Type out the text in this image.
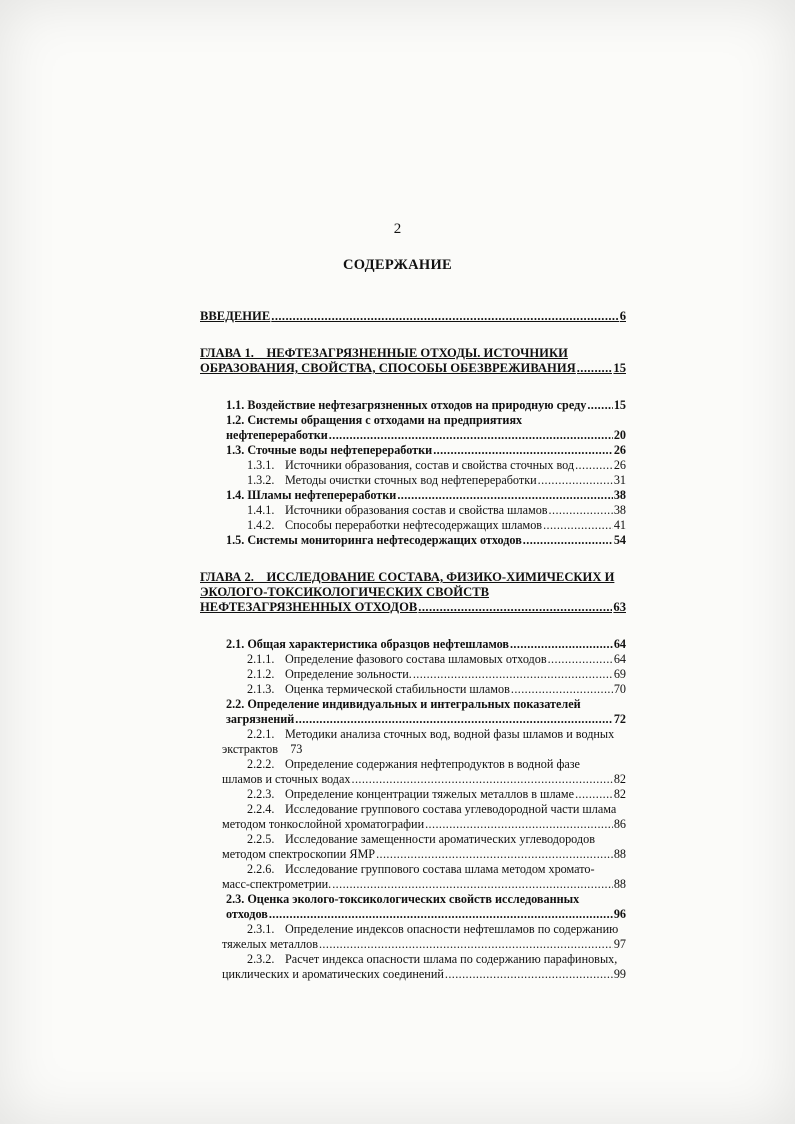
2
СОДЕРЖАНИЕ
ВВЕДЕНИЕ .....	6
ГЛАВА 1.    НЕФТЕЗАГРЯЗНЕННЫЕ ОТХОДЫ. ИСТОЧНИКИ
ОБРАЗОВАНИЯ, СВОЙСТВА, СПОСОБЫ ОБЕЗВРЕЖИВАНИЯ .....	15
1.1. Воздействие нефтезагрязненных отходов на природную среду ..... 15
1.2. Системы обращения с отходами на предприятиях
нефтепереработки .....	20
1.3. Сточные воды нефтепереработки .....	26
1.3.1. Источники образования, состав и свойства сточных вод .....	26
1.3.2. Методы очистки сточных вод нефтепереработки .....	31
1.4. Шламы нефтепереработки .....	38
1.4.1. Источники образования состав и свойства шламов .....	38
1.4.2. Способы переработки нефтесодержащих шламов .....	41
1.5. Системы мониторинга нефтесодержащих отходов .....	54
ГЛАВА 2.    ИССЛЕДОВАНИЕ СОСТАВА, ФИЗИКО-ХИМИЧЕСКИХ И
ЭКОЛОГО-ТОКСИКОЛОГИЧЕСКИХ СВОЙСТВ
НЕФТЕЗАГРЯЗНЕННЫХ ОТХОДОВ .....	63
2.1. Общая характеристика образцов нефтешламов .....	64
2.1.1. Определение фазового состава шламовых отходов .....	64
2.1.2. Определение зольности. .....	69
2.1.3. Оценка термической стабильности шламов .....	70
2.2. Определение индивидуальных и интегральных показателей
загрязнений .....	72
2.2.1. Методики анализа сточных вод, водной фазы шламов и водных
экстрактов    73
2.2.2. Определение содержания нефтепродуктов в водной фазе
шламов и сточных водах .....	82
2.2.3. Определение концентрации тяжелых металлов в шламе .....	82
2.2.4. Исследование группового состава углеводородной части шлама
методом тонкослойной хроматографии .....	86
2.2.5. Исследование замещенности ароматических углеводородов
методом спектроскопии ЯМР .....	88
2.2.6. Исследование группового состава шлама методом хромато-
масс-спектрометрии. .....	88
2.3. Оценка эколого-токсикологических свойств исследованных
отходов .....	96
2.3.1. Определение индексов опасности нефтешламов по содержанию
тяжелых металлов .....	97
2.3.2. Расчет индекса опасности шлама по содержанию парафиновых,
циклических и ароматических соединений .....	99
